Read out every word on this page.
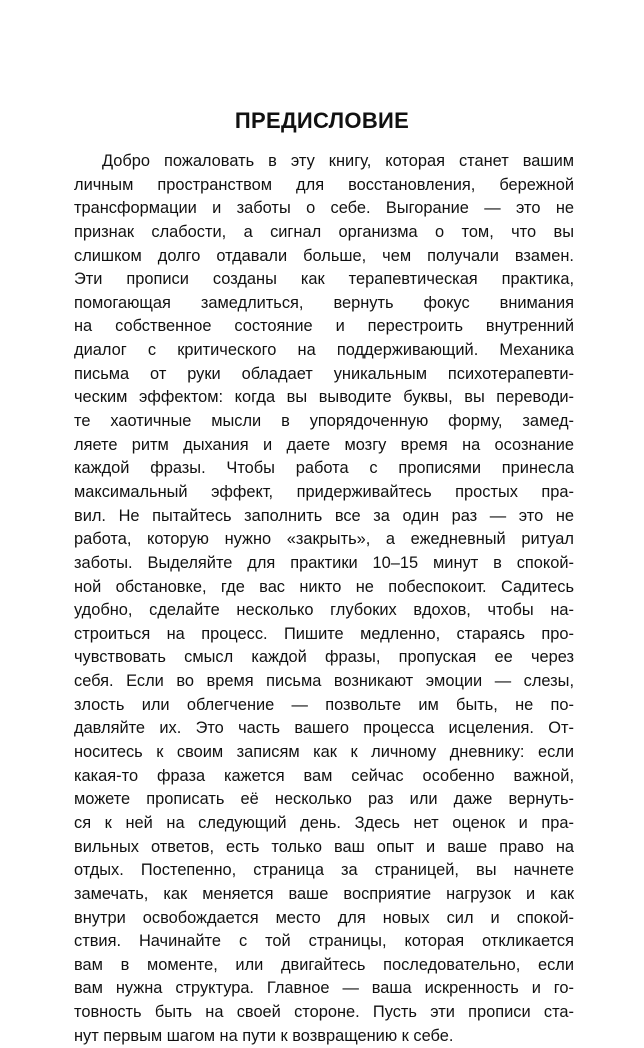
ПРЕДИСЛОВИЕ
Добро пожаловать в эту книгу, которая станет вашим
личным пространством для восстановления, бережной
трансформации и заботы о себе. Выгорание — это не
признак слабости, а сигнал организма о том, что вы
слишком долго отдавали больше, чем получали взамен.
Эти прописи созданы как терапевтическая практика,
помогающая замедлиться, вернуть фокус внимания
на собственное состояние и перестроить внутренний
диалог с критического на поддерживающий. Механика
письма от руки обладает уникальным психотерапевти-
ческим эффектом: когда вы выводите буквы, вы переводи-
те хаотичные мысли в упорядоченную форму, замед-
ляете ритм дыхания и даете мозгу время на осознание
каждой фразы. Чтобы работа с прописями принесла
максимальный эффект, придерживайтесь простых пра-
вил. Не пытайтесь заполнить все за один раз — это не
работа, которую нужно «закрыть», а ежедневный ритуал
заботы. Выделяйте для практики 10–15 минут в спокой-
ной обстановке, где вас никто не побеспокоит. Садитесь
удобно, сделайте несколько глубоких вдохов, чтобы на-
строиться на процесс. Пишите медленно, стараясь про-
чувствовать смысл каждой фразы, пропуская ее через
себя. Если во время письма возникают эмоции — слезы,
злость или облегчение — позвольте им быть, не по-
давляйте их. Это часть вашего процесса исцеления. От-
носитесь к своим записям как к личному дневнику: если
какая-то фраза кажется вам сейчас особенно важной,
можете прописать её несколько раз или даже вернуть-
ся к ней на следующий день. Здесь нет оценок и пра-
вильных ответов, есть только ваш опыт и ваше право на
отдых. Постепенно, страница за страницей, вы начнете
замечать, как меняется ваше восприятие нагрузок и как
внутри освобождается место для новых сил и спокой-
ствия. Начинайте с той страницы, которая откликается
вам в моменте, или двигайтесь последовательно, если
вам нужна структура. Главное — ваша искренность и го-
товность быть на своей стороне. Пусть эти прописи ста-
нут первым шагом на пути к возвращению к себе.
